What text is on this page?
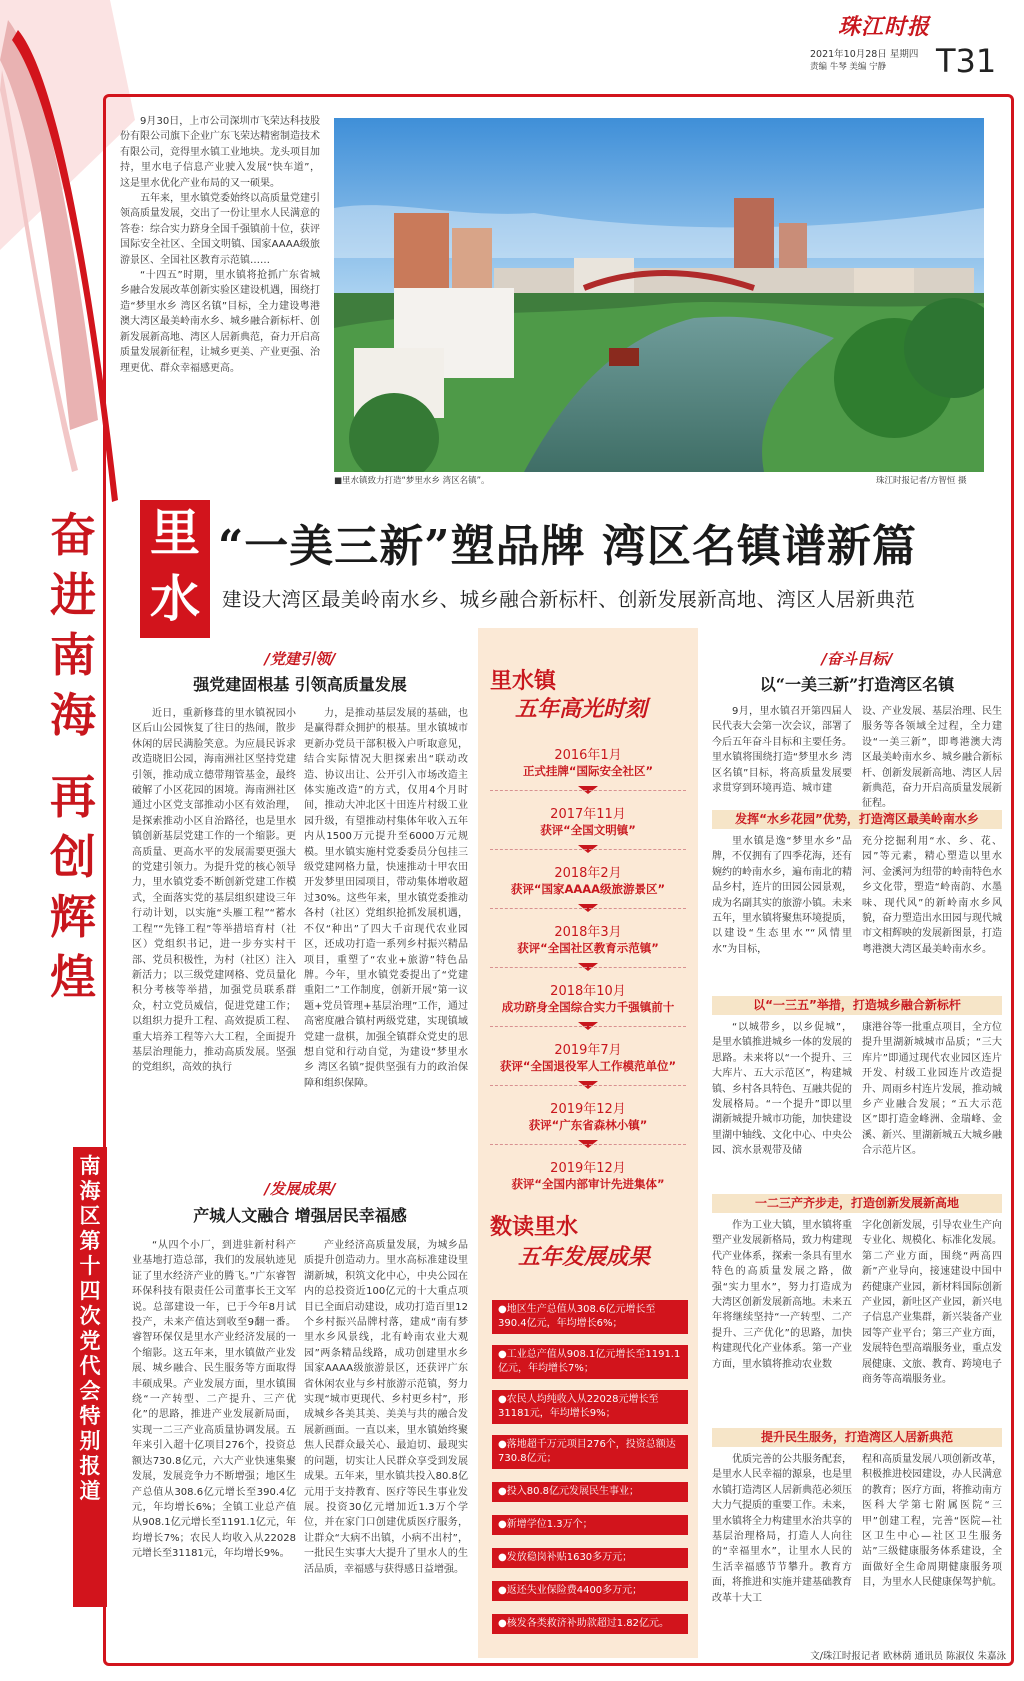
珠江时报
2021年10月28日 星期四
责编 牛琴 美编 宁静 T31
奋
进
南
海
再
创
辉
煌
南
海
区
第
十
四
次
党
代
会
特
别
报
道

9月30日，上市公司深圳市飞荣达科技股份有限公司旗下企业广东飞荣达精密制造技术有限公司，竞得里水镇工业地块。龙头项目加持，里水电子信息产业驶入发展“快车道”，这是里水优化产业布局的又一硕果。

五年来，里水镇党委始终以高质量党建引领高质量发展，交出了一份让里水人民满意的答卷：综合实力跻身全国千强镇前十位，获评国际安全社区、全国文明镇、国家AAAA级旅游景区、全国社区教育示范镇……

“十四五”时期，里水镇将抢抓广东省城乡融合发展改革创新实验区建设机遇，围绕打造“梦里水乡 湾区名镇”目标，全力建设粤港澳大湾区最美岭南水乡、城乡融合新标杆、创新发展新高地、湾区人居新典范，奋力开启高质量发展新征程，让城乡更美、产业更强、治理更优、群众幸福感更高。

■里水镇致力打造“梦里水乡 湾区名镇”。	珠江时报记者/方智恒 摄
里
水
“一美三新”塑品牌 湾区名镇谱新篇
建设大湾区最美岭南水乡、城乡融合新标杆、创新发展新高地、湾区人居新典范
/党建引领/
强党建固根基 引领高质量发展

近日，重新修葺的里水镇祝园小区后山公园恢复了往日的热闹，散步休闲的居民满脸笑意。为应晨民诉求改造晓旧公园，海南洲社区坚持党建引领，推动成立德带翔管基金，最终破解了小区花园的困境。海南洲社区通过小区党支部推动小区有效治理，是探索推动小区自治路径，也是里水镇创新基层党建工作的一个缩影。更高质量、更高水平的发展需要更强大的党建引领力。为提升党的核心领导力，里水镇党委不断创新党建工作模式，全面落实党的基层组织建设三年行动计划，以实施“头雁工程”“蓄水工程”“先锋工程”等举措培育村（社区）党组织书记，进一步夯实村干部、党员积极性，为村（社区）注入新活力；以三级党建网格、党员量化积分考核等举措，加强党员联系群众，村立党员威信，促进党建工作；以组织力提升工程、高效提质工程、重大培养工程等六大工程，全面提升基层治理能力，推动高质发展。坚强的党组织，高效的执行

力，是推动基层发展的基础，也是赢得群众拥护的根基。里水镇城市更新办党员干部积极入户听取意见，结合实际情况大胆探索出“联动改造、协议出让、公开引入市场改造主体实施改造”的方式，仅用4个月时间，推动大冲北区十田连片村级工业园升级，有望推动村集体年收入五年内从1500万元提升至6000万元规模。里水镇实施村党委委员分包挂三级党建网格力量，快速推动十甲农田开发梦里田园项目，带动集体增收超过30%。这些年来，里水镇党委推动各村（社区）党组织抢抓发展机遇，不仅“种出”了四大千亩现代农业园区，还成功打造一系列乡村振兴精品项目，重塑了“农业+旅游”特色品牌。今年，里水镇党委提出了“党建重阳二”工作制度，创新开展“第一议题+党员管理+基层治理”工作，通过高密度融合镇村两级党建，实现镇域党建一盘棋，加强全镇群众党史的思想自觉和行动自觉，为建设“梦里水乡 湾区名镇”提供坚强有力的政治保障和组织保障。

/发展成果/
产城人文融合 增强居民幸福感

“从四个小厂，到进驻新村科产业基地打造总部，我们的发展轨迹见证了里水经济产业的腾飞。”广东睿智环保科技有限责任公司董事长王文军说。总部建设一年，已于今年8月试投产，未来产值达到收至9翻一番。睿智环保仅是里水产业经济发展的一个缩影。这五年来，里水镇做产业发展、城乡融合、民生服务等方面取得丰硕成果。产业发展方面，里水镇围绕“一产转型、二产提升、三产优化”的思路，推进产业发展新局面，实现一二三产业高质量协调发展。五年来引入超十亿项目276个，投资总额达730.8亿元，六大产业快速集聚发展，发展竞争力不断增强；地区生产总值从308.6亿元增长至390.4亿元，年均增长6%；全镇工业总产值从908.1亿元增长至1191.1亿元，年均增长7%；农民人均收入从22028元增长至31181元，年均增长9%。

产业经济高质量发展，为城乡品质提升创造动力。里水高标准建设里湖新城，积筑文化中心，中央公园在内的总投资近100亿元的十大重点项目已全面启动建设，成功打造百里12个乡村振兴品牌村落，建成“南有梦里水乡风景线，北有岭南农业大观园”两条精品线路，成功创建里水乡国家AAAA级旅游景区，还获评广东省休闲农业与乡村旅游示范镇，努力实现“城市更现代、乡村更乡村”，形成城乡各美其美、美美与共的融合发展新画面。一直以来，里水镇始终聚焦人民群众最关心、最迫切、最现实的问题，切实让人民群众享受到发展成果。五年来，里水镇共投入80.8亿元用于支持教育、医疗等民生事业发展。投资30亿元增加近1.3万个学位，并在家门口创建优质医疗服务，让群众“大病不出镇，小病不出村”，一批民生实事大大提升了里水人的生活品质，幸福感与获得感日益增强。

里水镇
五年高光时刻
2016年1月
正式挂牌“国际安全社区”
2017年11月
获评“全国文明镇”
2018年2月
获评“国家AAAA级旅游景区”
2018年3月
获评“全国社区教育示范镇”
2018年10月
成功跻身全国综合实力千强镇前十
2019年7月
获评“全国退役军人工作模范单位”
2019年12月
获评“广东省森林小镇”
2019年12月
获评“全国内部审计先进集体”
数读里水
五年发展成果
●地区生产总值从308.6亿元增长至390.4亿元，年均增长6%；
●工业总产值从908.1亿元增长至1191.1亿元，年均增长7%；
●农民人均纯收入从22028元增长至31181元，年均增长9%；
●落地超千万元项目276个，投资总额达730.8亿元；
●投入80.8亿元发展民生事业；
●新增学位1.3万个；
●发放稳岗补贴1630多万元；
●返还失业保险费4400多万元；
●核发各类救济补助款超过1.82亿元。
/奋斗目标/
以“一美三新”打造湾区名镇

9月，里水镇召开第四届人民代表大会第一次会议，部署了今后五年奋斗目标和主要任务。里水镇将围绕打造“梦里水乡 湾区名镇”目标，将高质量发展要求贯穿到环境再造、城市建

设、产业发展、基层治理、民生服务等各领域全过程，全力建设“一美三新”，即粤港澳大湾区最美岭南水乡、城乡融合新标杆、创新发展新高地、湾区人居新典范，奋力开启高质量发展新征程。

发挥“水乡花园”优势，打造湾区最美岭南水乡

里水镇是逸“梦里水乡”品牌，不仅拥有了四季花海，还有婉约的岭南水乡，遍布南北的精品乡村，连片的田园公园景观，成为名副其实的旅游小镇。未来五年，里水镇将聚焦环境提质，以建设“生态里水”“风情里水”为目标，

充分挖掘利用“水、乡、花、园”等元素，精心塑造以里水河、金溪河为纽带的岭南特色水乡文化带，塑造“岭南韵、水墨味、现代风”的新岭南水乡风貌，奋力塑造出水田园与现代城市文相辉映的发展新图景，打造粤港澳大湾区最美岭南水乡。

以“一三五”举措，打造城乡融合新标杆

“以城带乡，以乡促城”，是里水镇推进城乡一体的发展的思路。未来将以“一个提升、三大库片、五大示范区”，构建城镇、乡村各具特色、互融共促的发展格局。“一个提升”即以里湖新城提升城市功能，加快建设里湖中轴线、文化中心、中央公园、滨水景观带及储

康港谷等一批重点项目，全方位提升里湖新城城市品质；“三大库片”即通过现代农业园区连片开发、村级工业园连片改造提升、周雨乡村连片发展，推动城乡产业融合发展；“五大示范区”即打造金峰洲、金瑞峰、金溪、新兴、里湖新城五大城乡融合示范片区。

一二三产齐步走，打造创新发展新高地

作为工业大镇，里水镇将重塑产业发展新格局，致力构建现代产业体系，探索一条具有里水特色的高质量发展之路，做强“实力里水”，努力打造成为大湾区创新发展新高地。未来五年将继续坚持“一产转型、二产提升、三产优化”的思路，加快构建现代化产业体系。第一产业方面，里水镇将推动农业数

字化创新发展，引导农业生产向专业化、规模化、标准化发展。第二产业方面，围绕“两高四新”产业导向，接速建设中国中药健康产业园，新材料国际创新产业园，新吐区产业园，新兴电子信息产业集群，新兴装备产业园等产业平台；第三产业方面，发展特色型高端服务业，重点发展健康、文旅、教育、跨境电子商务等高端服务业。

提升民生服务，打造湾区人居新典范

优质完善的公共服务配套，是里水人民幸福的源泉，也是里水镇打造湾区人居新典范必须压大力气提质的重要工作。未来，里水镇将全力构建里水治共享的基层治理格局，打造人人向往的“幸福里水”，让里水人民的生活幸福感节节攀升。教育方面，将推进和实施并建基础教育改革十大工

程和高质量发展八项创新改革，积极推进校园建设，办人民满意的教育；医疗方面，将推动南方医科大学第七附属医院“三甲”创建工程，完善“医院—社区卫生中心—社区卫生服务站”三级健康服务体系建设，全面做好全生命周期健康服务项目，为里水人民健康保驾护航。

文/珠江时报记者 欧林荫 通讯员 陈淑仪 朱嘉泳
